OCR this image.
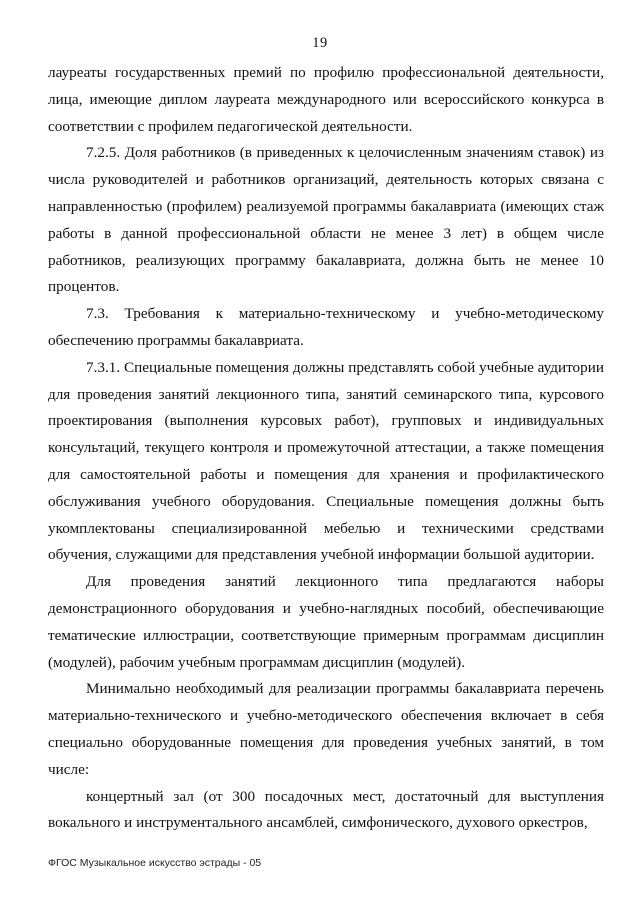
19

лауреаты государственных премий по профилю профессиональной деятельности, лица, имеющие диплом лауреата международного или всероссийского конкурса в соответствии с профилем педагогической деятельности.

7.2.5. Доля работников (в приведенных к целочисленным значениям ставок) из числа руководителей и работников организаций, деятельность которых связана с направленностью (профилем) реализуемой программы бакалавриата (имеющих стаж работы в данной профессиональной области не менее 3 лет) в общем числе работников, реализующих программу бакалавриата, должна быть не менее 10 процентов.

7.3. Требования к материально-техническому и учебно-методическому обеспечению программы бакалавриата.

7.3.1. Специальные помещения должны представлять собой учебные аудитории для проведения занятий лекционного типа, занятий семинарского типа, курсового проектирования (выполнения курсовых работ), групповых и индивидуальных консультаций, текущего контроля и промежуточной аттестации, а также помещения для самостоятельной работы и помещения для хранения и профилактического обслуживания учебного оборудования. Специальные помещения должны быть укомплектованы специализированной мебелью и техническими средствами обучения, служащими для представления учебной информации большой аудитории.

Для проведения занятий лекционного типа предлагаются наборы демонстрационного оборудования и учебно-наглядных пособий, обеспечивающие тематические иллюстрации, соответствующие примерным программам дисциплин (модулей), рабочим учебным программам дисциплин (модулей).

Минимально необходимый для реализации программы бакалавриата перечень материально-технического и учебно-методического обеспечения включает в себя специально оборудованные помещения для проведения учебных занятий, в том числе:

концертный зал (от 300 посадочных мест, достаточный для выступления вокального и инструментального ансамблей, симфонического, духового оркестров,

ФГОС Музыкальное искусство эстрады - 05
